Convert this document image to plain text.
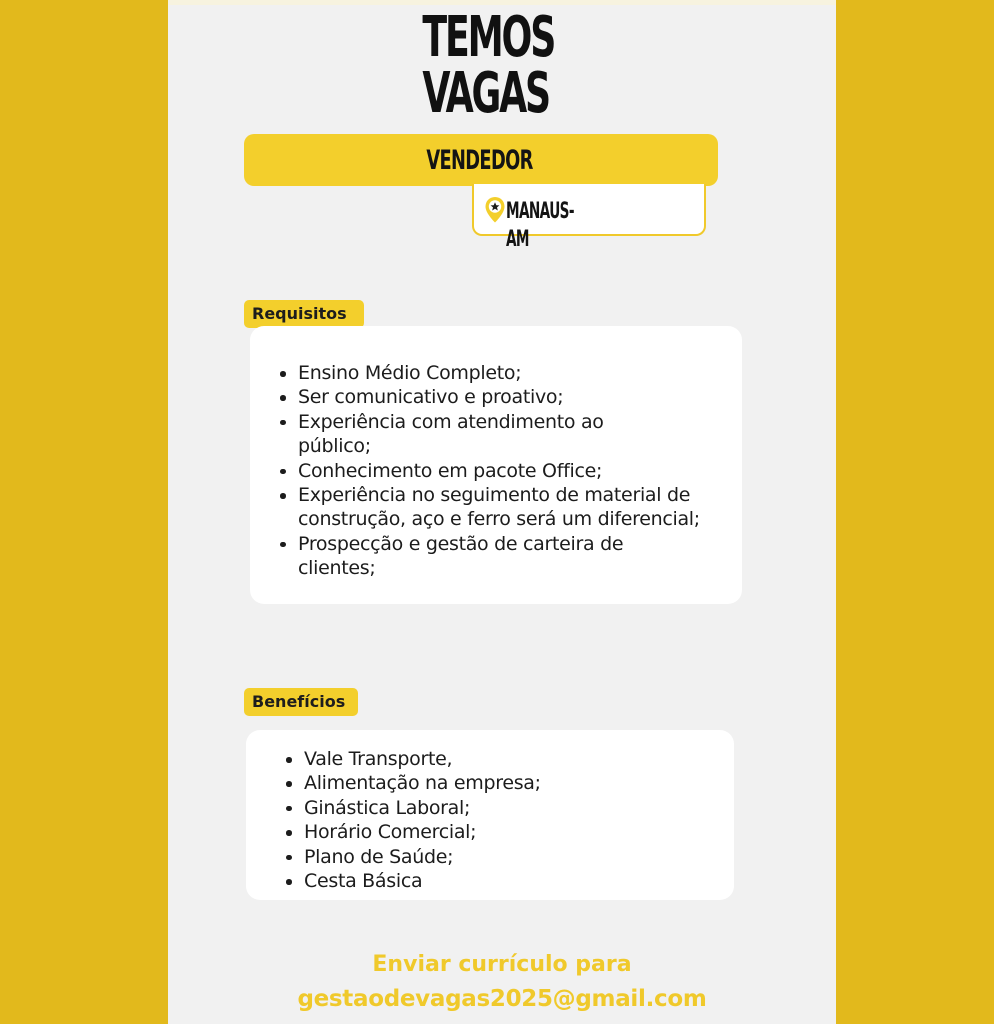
TEMOS
VAGAS
VENDEDOR
MANAUS-AM
Requisitos
Ensino Médio Completo;
Ser comunicativo e proativo;
Experiência com atendimento ao público;
Conhecimento em pacote Office;
Experiência no seguimento de material de construção, aço e ferro será um diferencial;
Prospecção e gestão de carteira de clientes;
Benefícios
Vale Transporte,
Alimentação na empresa;
Ginástica Laboral;
Horário Comercial;
Plano de Saúde;
Cesta Básica
Enviar currículo para
gestaodevagas2025@gmail.com
